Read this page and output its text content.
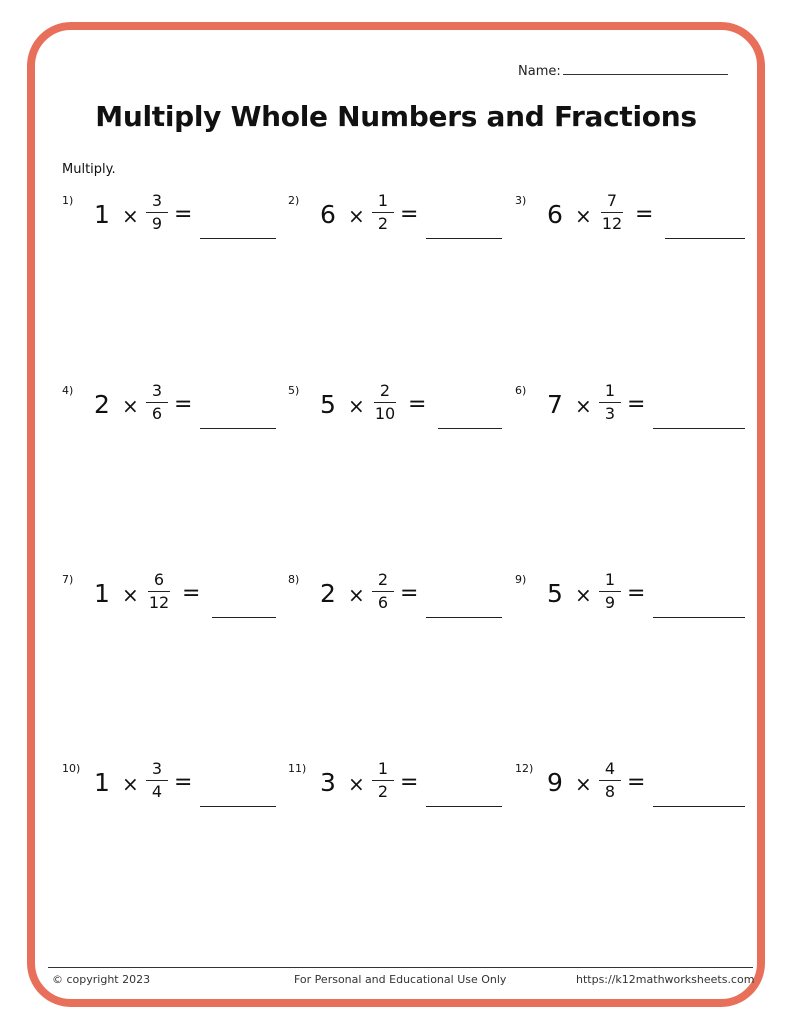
Name:
Multiply Whole Numbers and Fractions
Multiply.
1) 1 ×
3
9 =
2) 6 ×
1
2 =
3) 6 ×
7
12 =
4) 2 ×
3
6 =
5) 5 ×
2
10 =
6) 7 ×
1
3 =
7) 1 ×
6
12 =
8) 2 ×
2
6 =
9) 5 ×
1
9 =
10) 1 ×
3
4 =
11) 3 ×
1
2 =
12) 9 ×
4
8 =
© copyright 2023	For Personal and Educational Use Only	https://k12mathworksheets.com
